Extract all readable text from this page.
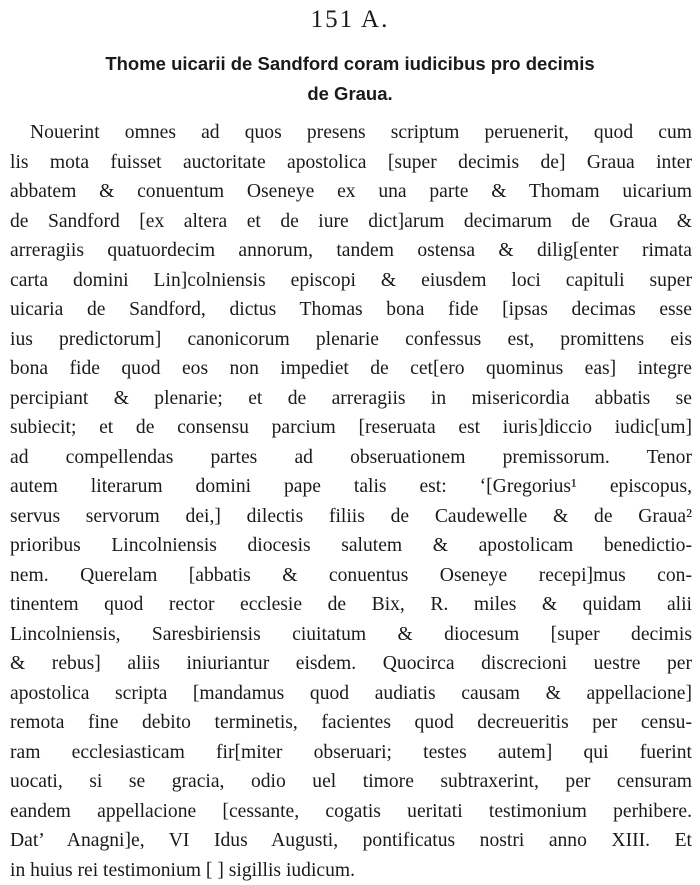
151 A.
Thome uicarii de Sandford coram iudicibus pro decimis
de Graua.
Nouerint omnes ad quos presens scriptum peruenerit, quod cum
lis mota fuisset auctoritate apostolica [super decimis de] Graua inter
abbatem & conuentum Oseneye ex una parte & Thomam uicarium
de Sandford [ex altera et de iure dict]arum decimarum de Graua &
arreragiis quatuordecim annorum, tandem ostensa & dilig[enter rimata
carta domini Lin]colniensis episcopi & eiusdem loci capituli super
uicaria de Sandford, dictus Thomas bona fide [ipsas decimas esse
ius predictorum] canonicorum plenarie confessus est, promittens eis
bona fide quod eos non impediet de cet[ero quominus eas] integre
percipiant & plenarie; et de arreragiis in misericordia abbatis se
subiecit; et de consensu parcium [reseruata est iuris]diccio iudic[um]
ad compellendas partes ad obseruationem premissorum. Tenor
autem literarum domini pape talis est: ‘[Gregorius¹ episcopus,
servus servorum dei,] dilectis filiis de Caudewelle & de Graua²
prioribus Lincolniensis diocesis salutem & apostolicam benedictio-
nem. Querelam [abbatis & conuentus Oseneye recepi]mus con-
tinentem quod rector ecclesie de Bix, R. miles & quidam alii
Lincolniensis, Saresbiriensis ciuitatum & diocesum [super decimis
& rebus] aliis iniuriantur eisdem. Quocirca discrecioni uestre per
apostolica scripta [mandamus quod audiatis causam & appellacione]
remota fine debito terminetis, facientes quod decreueritis per censu-
ram ecclesiasticam fir[miter obseruari; testes autem] qui fuerint
uocati, si se gracia, odio uel timore subtraxerint, per censuram
eandem appellacione [cessante, cogatis ueritati testimonium perhibere.
Dat’ Anagni]e, VI Idus Augusti, pontificatus nostri anno XIII. Et
in huius rei testimonium [ ] sigillis iudicum.
